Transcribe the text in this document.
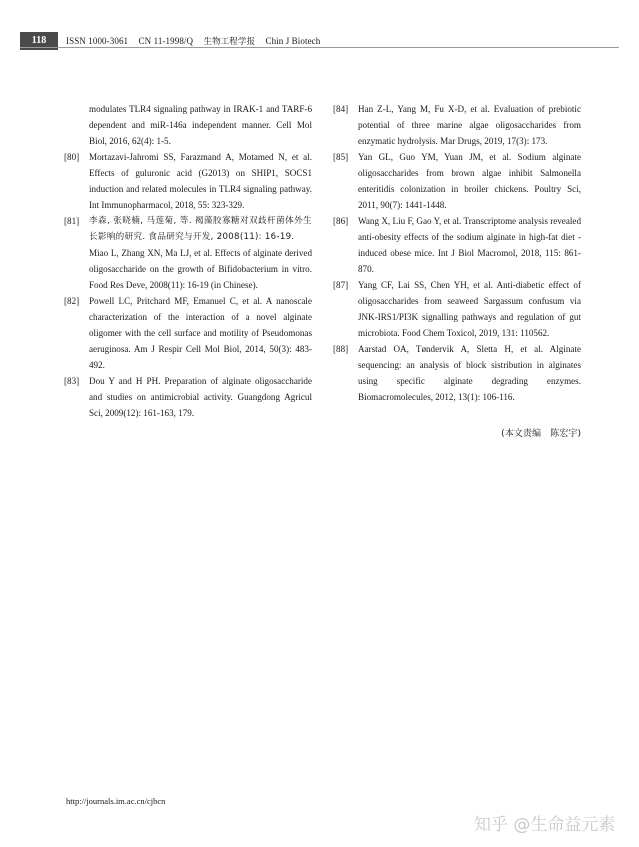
118	ISSN 1000-3061 CN 11-1998/Q 生物工程学报 Chin J Biotech
modulates TLR4 signaling pathway in IRAK-1 and TARF-6 dependent and miR-146a independent manner. Cell Mol Biol, 2016, 62(4): 1-5.
[80] Mortazavi-Jahromi SS, Farazmand A, Motamed N, et al. Effects of guluronic acid (G2013) on SHIP1, SOCS1 induction and related molecules in TLR4 signaling pathway. Int Immunopharmacol, 2018, 55: 323-329.
[81] 李森, 张晓楠, 马莲菊, 等. 褐藻胶寡糖对双歧杆菌体外生长影响的研究. 食品研究与开发, 2008(11): 16-19.
Miao L, Zhang XN, Ma LJ, et al. Effects of alginate derived oligosaccharide on the growth of Bifidobacterium in vitro. Food Res Deve, 2008(11): 16-19 (in Chinese).
[82] Powell LC, Pritchard MF, Emanuel C, et al. A nanoscale characterization of the interaction of a novel alginate oligomer with the cell surface and motility of Pseudomonas aeruginosa. Am J Respir Cell Mol Biol, 2014, 50(3): 483-492.
[83] Dou Y and H PH. Preparation of alginate oligosaccharide and studies on antimicrobial activity. Guangdong Agricul Sci, 2009(12): 161-163, 179.
[84] Han Z-L, Yang M, Fu X-D, et al. Evaluation of prebiotic potential of three marine algae oligosaccharides from enzymatic hydrolysis. Mar Drugs, 2019, 17(3): 173.
[85] Yan GL, Guo YM, Yuan JM, et al. Sodium alginate oligosaccharides from brown algae inhibit Salmonella enteritidis colonization in broiler chickens. Poultry Sci, 2011, 90(7): 1441-1448.
[86] Wang X, Liu F, Gao Y, et al. Transcriptome analysis revealed anti-obesity effects of the sodium alginate in high-fat diet -induced obese mice. Int J Biol Macromol, 2018, 115: 861-870.
[87] Yang CF, Lai SS, Chen YH, et al. Anti-diabetic effect of oligosaccharides from seaweed Sargassum confusum via JNK-IRS1/PI3K signalling pathways and regulation of gut microbiota. Food Chem Toxicol, 2019, 131: 110562.
[88] Aarstad OA, Tøndervik A, Sletta H, et al. Alginate sequencing: an analysis of block sistribution in alginates using specific alginate degrading enzymes. Biomacromolecules, 2012, 13(1): 106-116.
(本文责编　陈宏宇)
http://journals.im.ac.cn/cjbcn
知乎 @生命益元素
